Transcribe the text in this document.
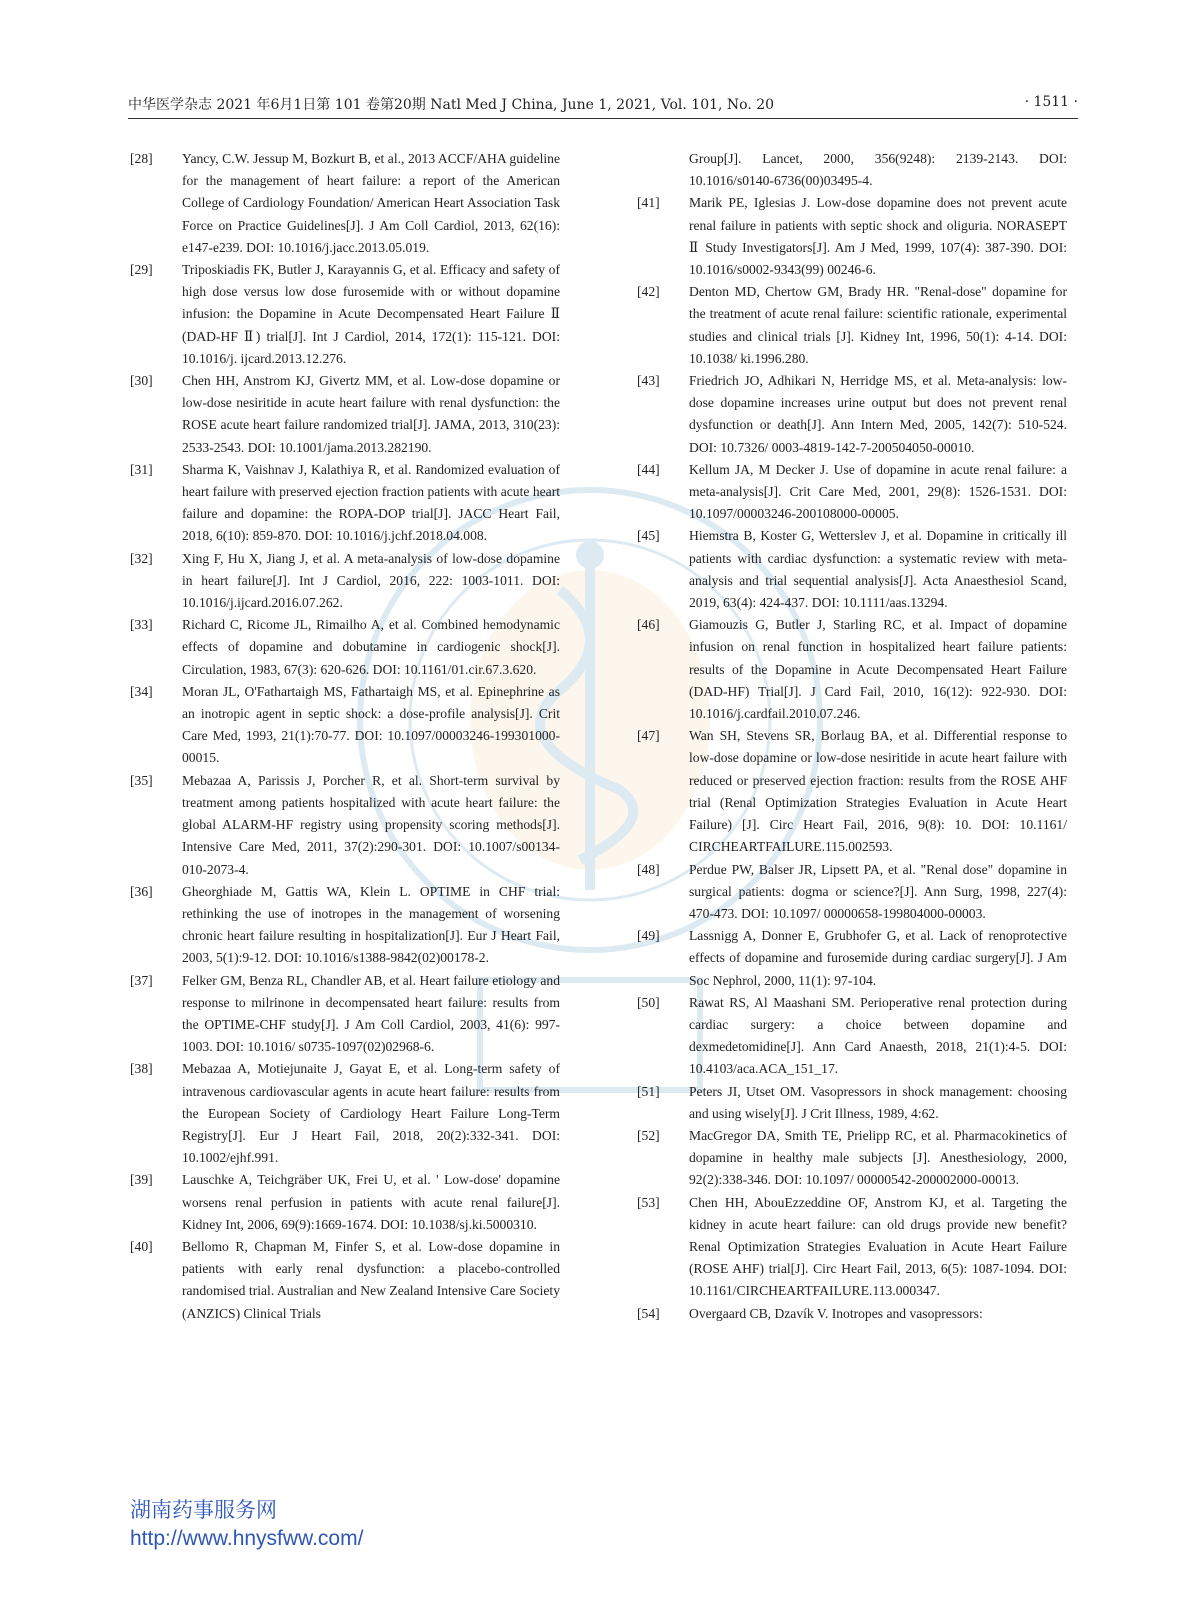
中华医学杂志 2021 年6月1日第 101 卷第20期 Natl Med J China, June 1, 2021, Vol. 101, No. 20	· 1511 ·
[28]	Yancy, C.W. Jessup M, Bozkurt B, et al., 2013 ACCF/AHA guideline for the management of heart failure: a report of the American College of Cardiology Foundation/ American Heart Association Task Force on Practice Guidelines[J]. J Am Coll Cardiol, 2013, 62(16): e147-e239. DOI: 10.1016/j.jacc.2013.05.019.
[29]	Triposkiadis FK, Butler J, Karayannis G, et al. Efficacy and safety of high dose versus low dose furosemide with or without dopamine infusion: the Dopamine in Acute Decompensated Heart Failure Ⅱ (DAD-HF Ⅱ) trial[J]. Int J Cardiol, 2014, 172(1): 115-121. DOI: 10.1016/j. ijcard.2013.12.276.
[30]	Chen HH, Anstrom KJ, Givertz MM, et al. Low-dose dopamine or low-dose nesiritide in acute heart failure with renal dysfunction: the ROSE acute heart failure randomized trial[J]. JAMA, 2013, 310(23): 2533-2543. DOI: 10.1001/jama.2013.282190.
[31]	Sharma K, Vaishnav J, Kalathiya R, et al. Randomized evaluation of heart failure with preserved ejection fraction patients with acute heart failure and dopamine: the ROPA-DOP trial[J]. JACC Heart Fail, 2018, 6(10): 859-870. DOI: 10.1016/j.jchf.2018.04.008.
[32]	Xing F, Hu X, Jiang J, et al. A meta-analysis of low-dose dopamine in heart failure[J]. Int J Cardiol, 2016, 222: 1003-1011. DOI: 10.1016/j.ijcard.2016.07.262.
[33]	Richard C, Ricome JL, Rimailho A, et al. Combined hemodynamic effects of dopamine and dobutamine in cardiogenic shock[J]. Circulation, 1983, 67(3): 620-626. DOI: 10.1161/01.cir.67.3.620.
[34]	Moran JL, O'Fathartaigh MS, Fathartaigh MS, et al. Epinephrine as an inotropic agent in septic shock: a dose-profile analysis[J]. Crit Care Med, 1993, 21(1):70-77. DOI: 10.1097/00003246-199301000-00015.
[35]	Mebazaa A, Parissis J, Porcher R, et al. Short-term survival by treatment among patients hospitalized with acute heart failure: the global ALARM-HF registry using propensity scoring methods[J]. Intensive Care Med, 2011, 37(2):290-301. DOI: 10.1007/s00134-010-2073-4.
[36]	Gheorghiade M, Gattis WA, Klein L. OPTIME in CHF trial: rethinking the use of inotropes in the management of worsening chronic heart failure resulting in hospitalization[J]. Eur J Heart Fail, 2003, 5(1):9-12. DOI: 10.1016/s1388-9842(02)00178-2.
[37]	Felker GM, Benza RL, Chandler AB, et al. Heart failure etiology and response to milrinone in decompensated heart failure: results from the OPTIME-CHF study[J]. J Am Coll Cardiol, 2003, 41(6): 997-1003. DOI: 10.1016/ s0735-1097(02)02968-6.
[38]	Mebazaa A, Motiejunaite J, Gayat E, et al. Long-term safety of intravenous cardiovascular agents in acute heart failure: results from the European Society of Cardiology Heart Failure Long-Term Registry[J]. Eur J Heart Fail, 2018, 20(2):332-341. DOI: 10.1002/ejhf.991.
[39]	Lauschke A, Teichgräber UK, Frei U, et al. ' Low-dose' dopamine worsens renal perfusion in patients with acute renal failure[J]. Kidney Int, 2006, 69(9):1669-1674. DOI: 10.1038/sj.ki.5000310.
[40]	Bellomo R, Chapman M, Finfer S, et al. Low-dose dopamine in patients with early renal dysfunction: a placebo-controlled randomised trial. Australian and New Zealand Intensive Care Society (ANZICS) Clinical Trials
Group[J]. Lancet, 2000, 356(9248): 2139-2143. DOI: 10.1016/s0140-6736(00)03495-4.
[41]	Marik PE, Iglesias J. Low-dose dopamine does not prevent acute renal failure in patients with septic shock and oliguria. NORASEPT Ⅱ Study Investigators[J]. Am J Med, 1999, 107(4): 387-390. DOI: 10.1016/s0002-9343(99) 00246-6.
[42]	Denton MD, Chertow GM, Brady HR. "Renal-dose" dopamine for the treatment of acute renal failure: scientific rationale, experimental studies and clinical trials [J]. Kidney Int, 1996, 50(1): 4-14. DOI: 10.1038/ ki.1996.280.
[43]	Friedrich JO, Adhikari N, Herridge MS, et al. Meta-analysis: low-dose dopamine increases urine output but does not prevent renal dysfunction or death[J]. Ann Intern Med, 2005, 142(7): 510-524. DOI: 10.7326/ 0003-4819-142-7-200504050-00010.
[44]	Kellum JA, M Decker J. Use of dopamine in acute renal failure: a meta-analysis[J]. Crit Care Med, 2001, 29(8): 1526-1531. DOI: 10.1097/00003246-200108000-00005.
[45]	Hiemstra B, Koster G, Wetterslev J, et al. Dopamine in critically ill patients with cardiac dysfunction: a systematic review with meta-analysis and trial sequential analysis[J]. Acta Anaesthesiol Scand, 2019, 63(4): 424-437. DOI: 10.1111/aas.13294.
[46]	Giamouzis G, Butler J, Starling RC, et al. Impact of dopamine infusion on renal function in hospitalized heart failure patients: results of the Dopamine in Acute Decompensated Heart Failure (DAD-HF) Trial[J]. J Card Fail, 2010, 16(12): 922-930. DOI: 10.1016/j.cardfail.2010.07.246.
[47]	Wan SH, Stevens SR, Borlaug BA, et al. Differential response to low-dose dopamine or low-dose nesiritide in acute heart failure with reduced or preserved ejection fraction: results from the ROSE AHF trial (Renal Optimization Strategies Evaluation in Acute Heart Failure) [J]. Circ Heart Fail, 2016, 9(8): 10. DOI: 10.1161/ CIRCHEARTFAILURE.115.002593.
[48]	Perdue PW, Balser JR, Lipsett PA, et al. "Renal dose" dopamine in surgical patients: dogma or science?[J]. Ann Surg, 1998, 227(4): 470-473. DOI: 10.1097/ 00000658-199804000-00003.
[49]	Lassnigg A, Donner E, Grubhofer G, et al. Lack of renoprotective effects of dopamine and furosemide during cardiac surgery[J]. J Am Soc Nephrol, 2000, 11(1): 97-104.
[50]	Rawat RS, Al Maashani SM. Perioperative renal protection during cardiac surgery: a choice between dopamine and dexmedetomidine[J]. Ann Card Anaesth, 2018, 21(1):4-5. DOI: 10.4103/aca.ACA_151_17.
[51]	Peters JI, Utset OM. Vasopressors in shock management: choosing and using wisely[J]. J Crit Illness, 1989, 4:62.
[52]	MacGregor DA, Smith TE, Prielipp RC, et al. Pharmacokinetics of dopamine in healthy male subjects [J]. Anesthesiology, 2000, 92(2):338-346. DOI: 10.1097/ 00000542-200002000-00013.
[53]	Chen HH, AbouEzzeddine OF, Anstrom KJ, et al. Targeting the kidney in acute heart failure: can old drugs provide new benefit? Renal Optimization Strategies Evaluation in Acute Heart Failure (ROSE AHF) trial[J]. Circ Heart Fail, 2013, 6(5): 1087-1094. DOI: 10.1161/CIRCHEARTFAILURE.113.000347.
[54]	Overgaard CB, Dzavík V. Inotropes and vasopressors:
湖南药事服务网
http://www.hnysfww.com/
